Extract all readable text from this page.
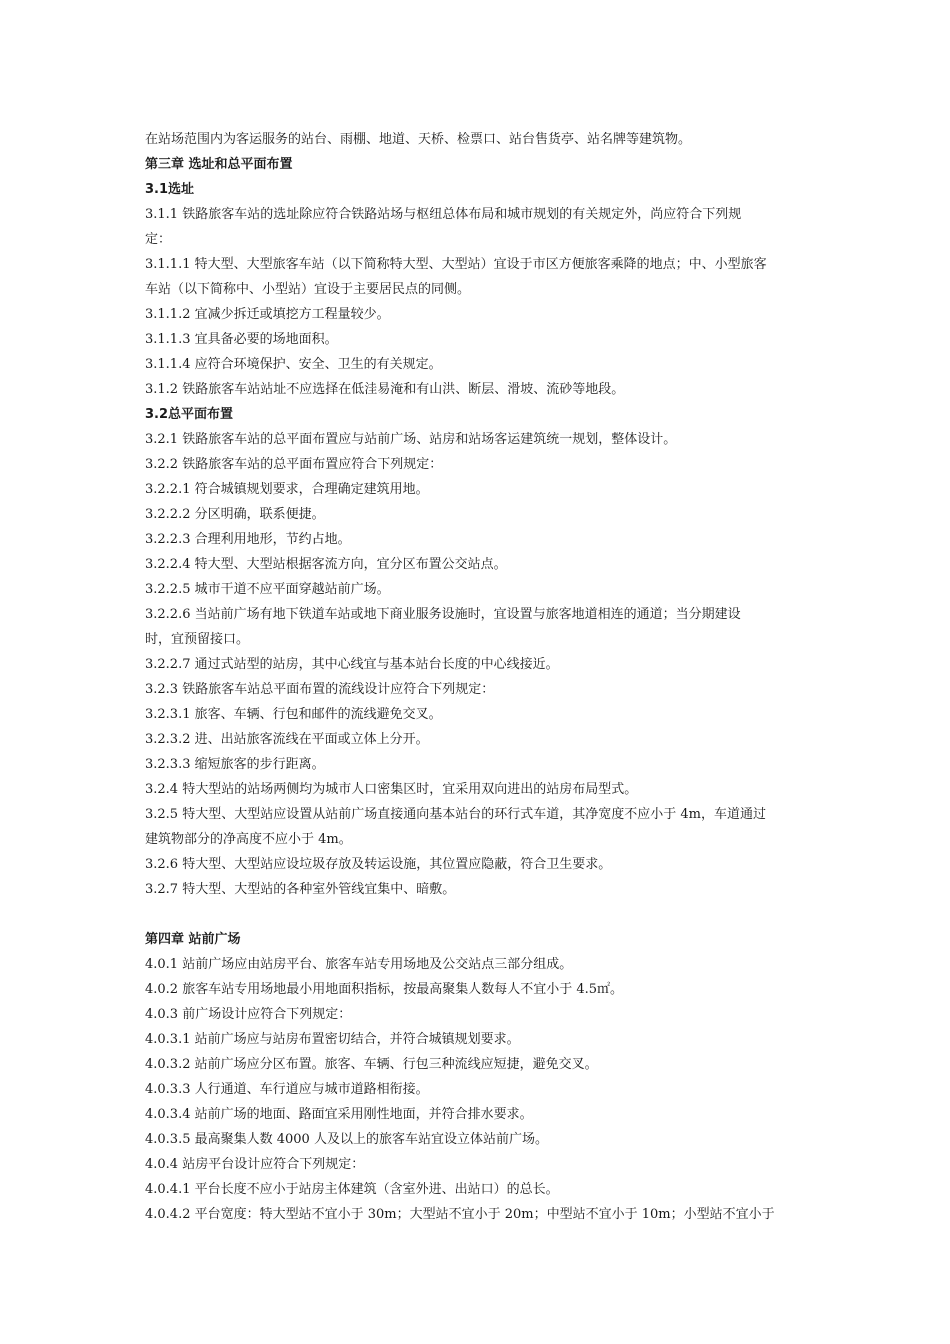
在站场范围内为客运服务的站台、雨棚、地道、天桥、检票口、站台售货亭、站名牌等建筑物。
第三章 选址和总平面布置
3.1选址
3.1.1 铁路旅客车站的选址除应符合铁路站场与枢纽总体布局和城市规划的有关规定外，尚应符合下列规
定：
3.1.1.1 特大型、大型旅客车站（以下简称特大型、大型站）宜设于市区方便旅客乘降的地点；中、小型旅客
车站（以下简称中、小型站）宜设于主要居民点的同侧。
3.1.1.2 宜减少拆迁或填挖方工程量较少。
3.1.1.3 宜具备必要的场地面积。
3.1.1.4 应符合环境保护、安全、卫生的有关规定。
3.1.2 铁路旅客车站站址不应选择在低洼易淹和有山洪、断层、滑坡、流砂等地段。
3.2总平面布置
3.2.1 铁路旅客车站的总平面布置应与站前广场、站房和站场客运建筑统一规划，整体设计。
3.2.2 铁路旅客车站的总平面布置应符合下列规定：
3.2.2.1 符合城镇规划要求，合理确定建筑用地。
3.2.2.2 分区明确，联系便捷。
3.2.2.3 合理利用地形，节约占地。
3.2.2.4 特大型、大型站根据客流方向，宜分区布置公交站点。
3.2.2.5 城市干道不应平面穿越站前广场。
3.2.2.6 当站前广场有地下铁道车站或地下商业服务设施时，宜设置与旅客地道相连的通道；当分期建设
时，宜预留接口。
3.2.2.7 通过式站型的站房，其中心线宜与基本站台长度的中心线接近。
3.2.3 铁路旅客车站总平面布置的流线设计应符合下列规定：
3.2.3.1 旅客、车辆、行包和邮件的流线避免交叉。
3.2.3.2 进、出站旅客流线在平面或立体上分开。
3.2.3.3 缩短旅客的步行距离。
3.2.4 特大型站的站场两侧均为城市人口密集区时，宜采用双向进出的站房布局型式。
3.2.5 特大型、大型站应设置从站前广场直接通向基本站台的环行式车道，其净宽度不应小于 4m，车道通过
建筑物部分的净高度不应小于 4m。
3.2.6 特大型、大型站应设垃圾存放及转运设施，其位置应隐蔽，符合卫生要求。
3.2.7 特大型、大型站的各种室外管线宜集中、暗敷。
第四章 站前广场
4.0.1 站前广场应由站房平台、旅客车站专用场地及公交站点三部分组成。
4.0.2 旅客车站专用场地最小用地面积指标，按最高聚集人数每人不宜小于 4.5㎡。
4.0.3 前广场设计应符合下列规定：
4.0.3.1 站前广场应与站房布置密切结合，并符合城镇规划要求。
4.0.3.2 站前广场应分区布置。旅客、车辆、行包三种流线应短捷，避免交叉。
4.0.3.3 人行通道、车行道应与城市道路相衔接。
4.0.3.4 站前广场的地面、路面宜采用刚性地面，并符合排水要求。
4.0.3.5 最高聚集人数 4000 人及以上的旅客车站宜设立体站前广场。
4.0.4 站房平台设计应符合下列规定：
4.0.4.1 平台长度不应小于站房主体建筑（含室外进、出站口）的总长。
4.0.4.2 平台宽度：特大型站不宜小于 30m；大型站不宜小于 20m；中型站不宜小于 10m；小型站不宜小于
